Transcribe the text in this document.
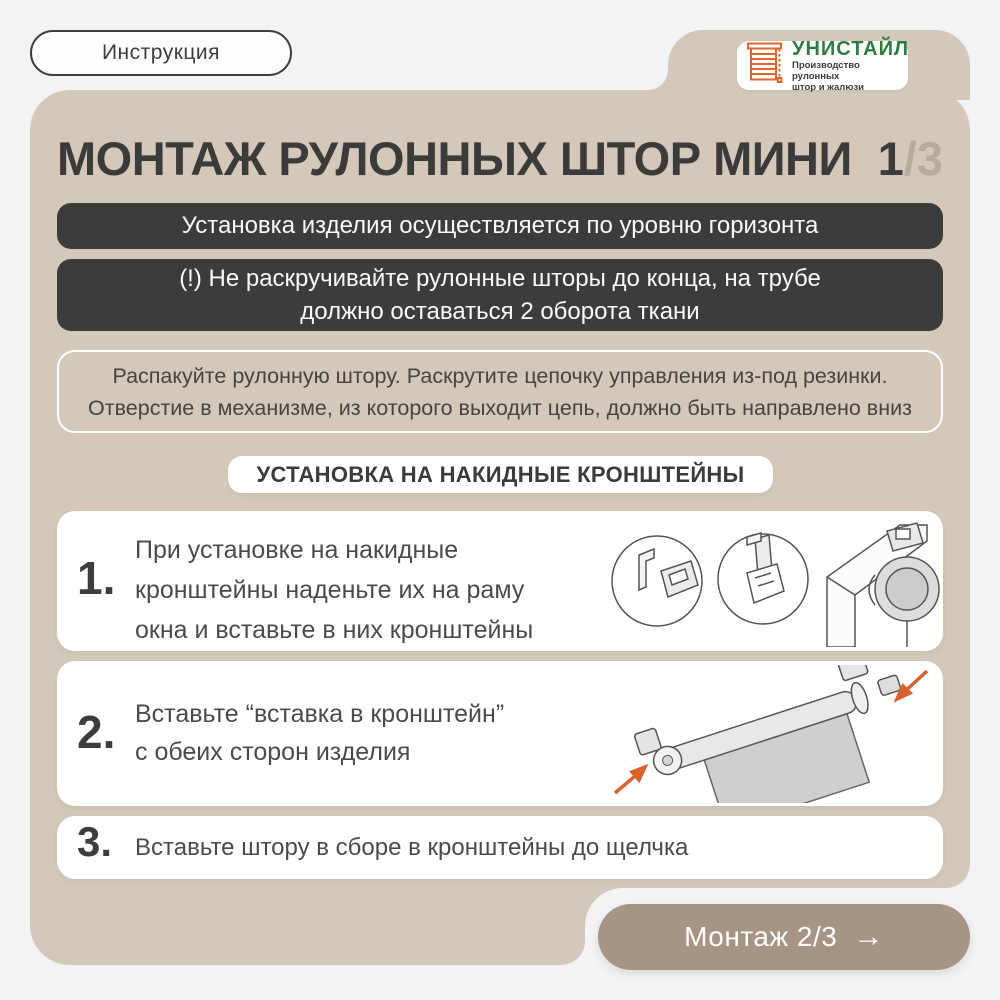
Инструкция	УНИСТАЙЛ
Производство рулонных
штор и жалюзи
МОНТАЖ РУЛОННЫХ ШТОР МИНИ 1/3
Установка изделия осуществляется по уровню горизонта
(!) Не раскручивайте рулонные шторы до конца, на трубе
должно оставаться 2 оборота ткани
Распакуйте рулонную штору. Раскрутите цепочку управления из-под резинки.
Отверстие в механизме, из которого выходит цепь, должно быть направлено вниз
УСТАНОВКА НА НАКИДНЫЕ КРОНШТЕЙНЫ
1.
При установке на накидные
кронштейны наденьте их на раму
окна и вставьте в них кронштейны
2. Вставьте “вставка в кронштейн”
с обеих сторон изделия
3. Вставьте штору в сборе в кронштейны до щелчка
Монтаж 2/3 →
